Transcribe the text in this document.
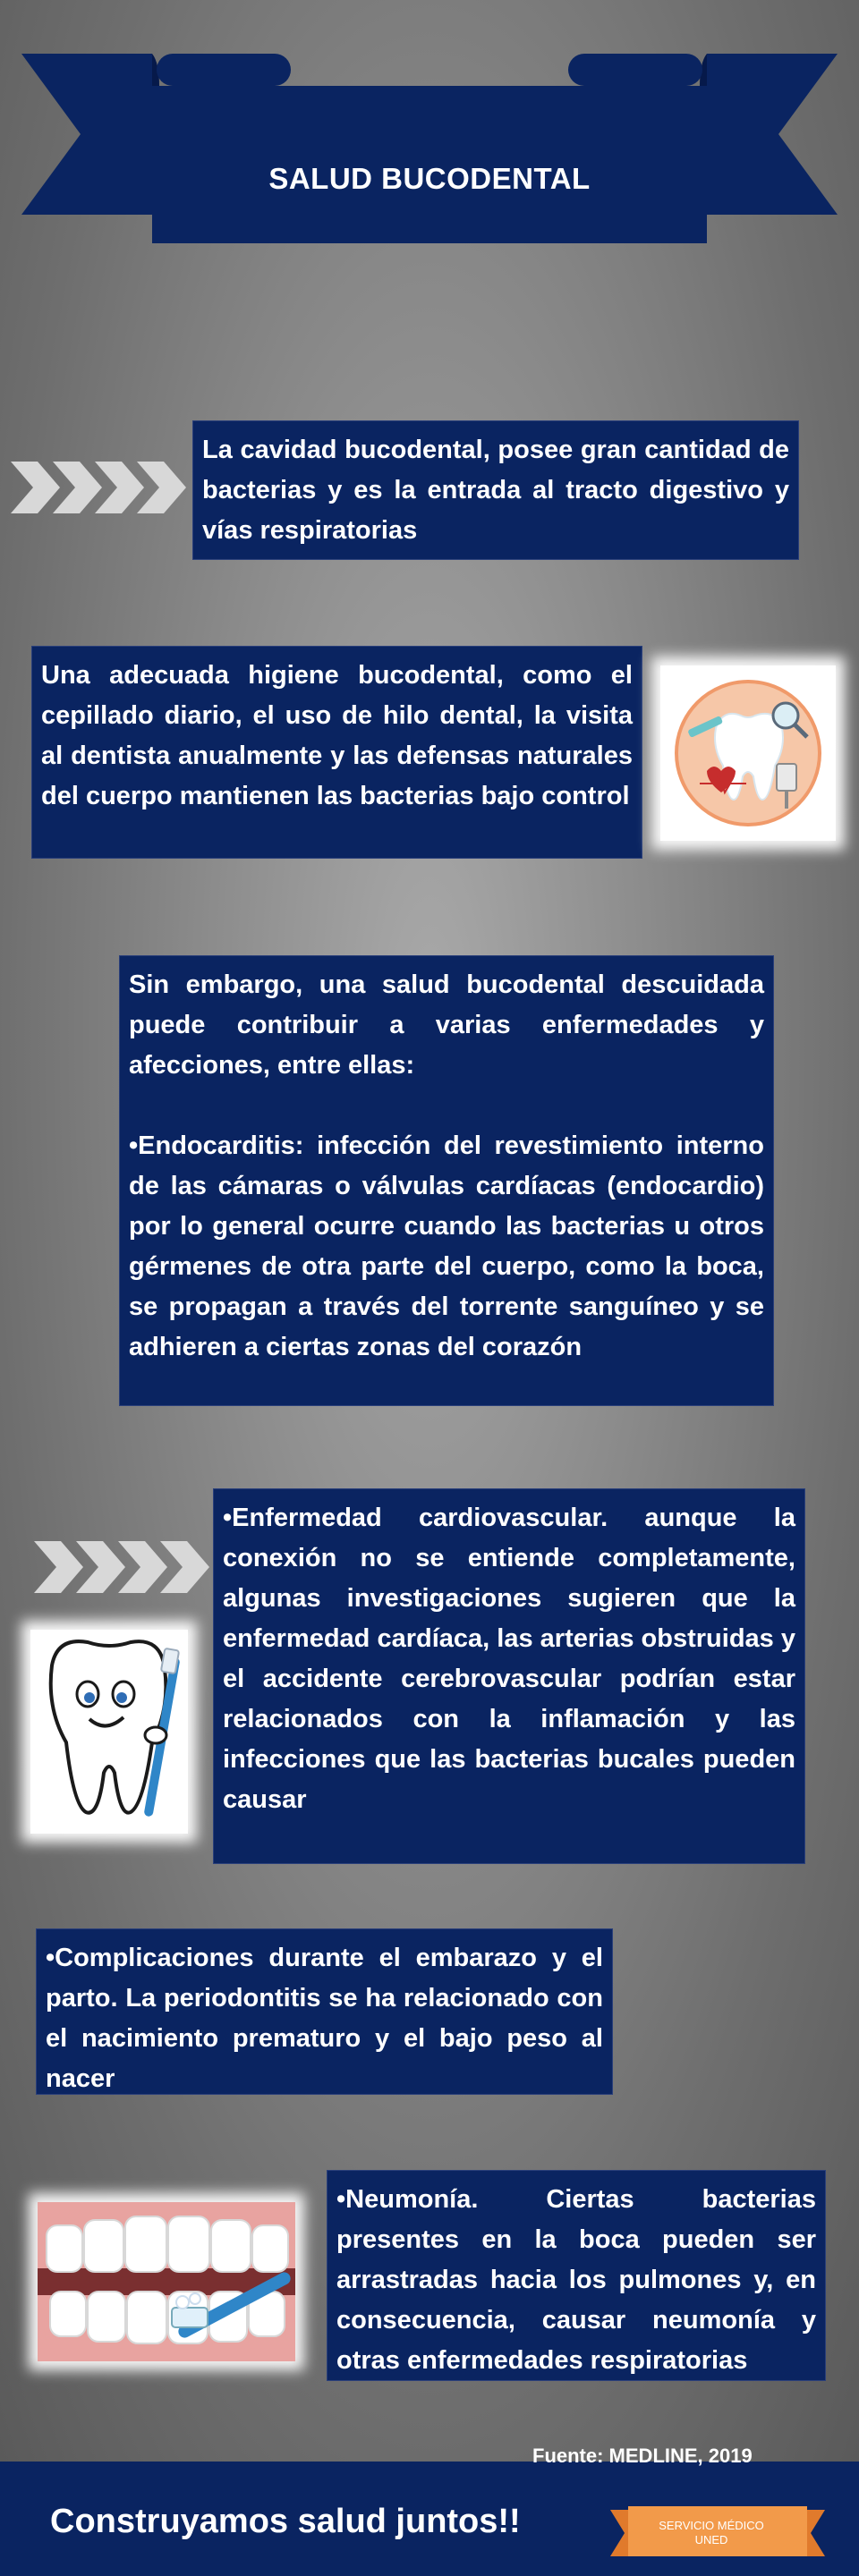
SALUD BUCODENTAL

La cavidad bucodental, posee gran cantidad de bacterias y es la entrada al tracto digestivo y vías respiratorias

Una adecuada higiene bucodental, como el cepillado diario, el uso de hilo dental, la visita al dentista anualmente y las defensas naturales del cuerpo mantienen las bacterias bajo control

Sin embargo, una salud bucodental descuidada puede contribuir a varias enfermedades y afecciones, entre ellas:

•Endocarditis: infección del revestimiento interno de las cámaras o válvulas cardíacas (endocardio) por lo general ocurre cuando las bacterias u otros gérmenes de otra parte del cuerpo, como la boca, se propagan a través del torrente sanguíneo y se adhieren a ciertas zonas del corazón

•Enfermedad cardiovascular. aunque la conexión no se entiende completamente, algunas investigaciones sugieren que la enfermedad cardíaca, las arterias obstruidas y el accidente cerebrovascular podrían estar relacionados con la inflamación y las infecciones que las bacterias bucales pueden causar

•Complicaciones durante el embarazo y el parto. La periodontitis se ha relacionado con el nacimiento prematuro y el bajo peso al nacer

•Neumonía. Ciertas bacterias presentes en la boca pueden ser arrastradas hacia los pulmones y, en consecuencia, causar neumonía y otras enfermedades respiratorias

Fuente: MEDLINE, 2019
Construyamos salud juntos!!	SERVICIO MÉDICO
UNED
